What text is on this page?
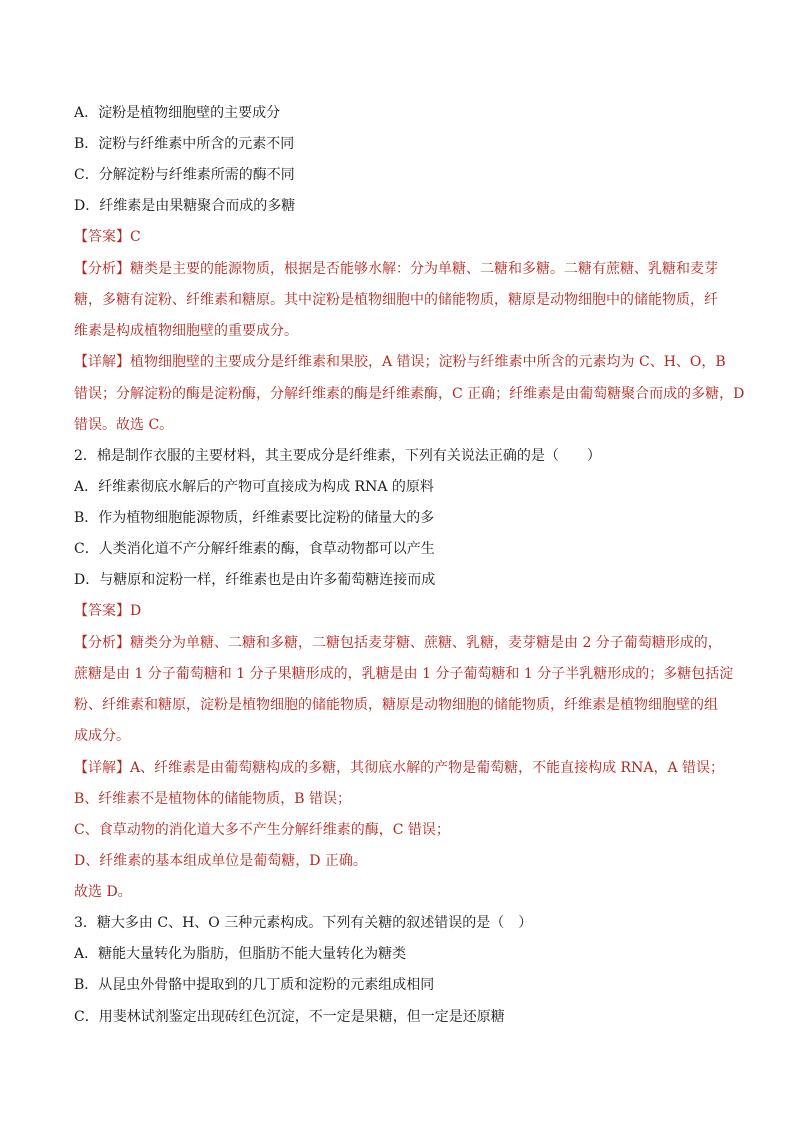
A．淀粉是植物细胞壁的主要成分
B．淀粉与纤维素中所含的元素不同
C．分解淀粉与纤维素所需的酶不同
D．纤维素是由果糖聚合而成的多糖
【答案】C
【分析】糖类是主要的能源物质，根据是否能够水解：分为单糖、二糖和多糖。二糖有蔗糖、乳糖和麦芽
糖，多糖有淀粉、纤维素和糖原。其中淀粉是植物细胞中的储能物质，糖原是动物细胞中的储能物质，纤
维素是构成植物细胞壁的重要成分。
【详解】植物细胞壁的主要成分是纤维素和果胶，A 错误；淀粉与纤维素中所含的元素均为 C、H、O，B
错误；分解淀粉的酶是淀粉酶，分解纤维素的酶是纤维素酶，C 正确；纤维素是由葡萄糖聚合而成的多糖，D
错误。故选 C。
2．棉是制作衣服的主要材料，其主要成分是纤维素，下列有关说法正确的是（　　）
A．纤维素彻底水解后的产物可直接成为构成 RNA 的原料
B．作为植物细胞能源物质，纤维素要比淀粉的储量大的多
C．人类消化道不产分解纤维素的酶，食草动物都可以产生
D．与糖原和淀粉一样，纤维素也是由许多葡萄糖连接而成
【答案】D
【分析】糖类分为单糖、二糖和多糖，二糖包括麦芽糖、蔗糖、乳糖，麦芽糖是由 2 分子葡萄糖形成的，
蔗糖是由 1 分子葡萄糖和 1 分子果糖形成的，乳糖是由 1 分子葡萄糖和 1 分子半乳糖形成的；多糖包括淀
粉、纤维素和糖原，淀粉是植物细胞的储能物质，糖原是动物细胞的储能物质，纤维素是植物细胞壁的组
成成分。
【详解】A、纤维素是由葡萄糖构成的多糖，其彻底水解的产物是葡萄糖，不能直接构成 RNA，A 错误；
B、纤维素不是植物体的储能物质，B 错误；
C、食草动物的消化道大多不产生分解纤维素的酶，C 错误；
D、纤维素的基本组成单位是葡萄糖，D 正确。
故选 D。
3．糖大多由 C、H、O 三种元素构成。下列有关糖的叙述错误的是（　）
A．糖能大量转化为脂肪，但脂肪不能大量转化为糖类
B．从昆虫外骨骼中提取到的几丁质和淀粉的元素组成相同
C．用斐林试剂鉴定出现砖红色沉淀，不一定是果糖，但一定是还原糖
